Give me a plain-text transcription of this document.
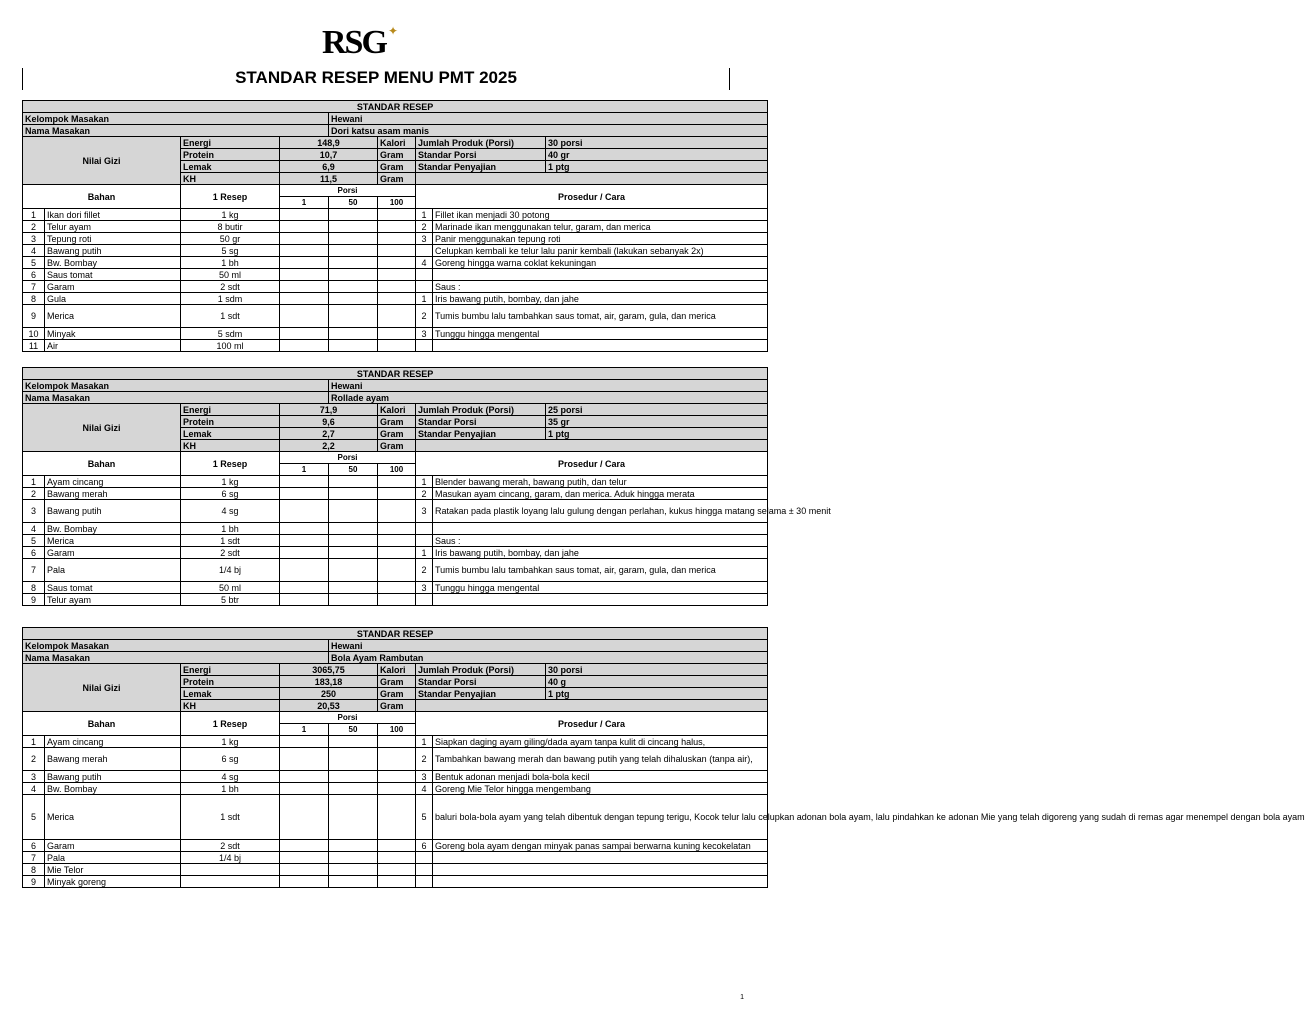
RSG ✦
STANDAR RESEP MENU PMT 2025
STANDAR RESEP								
Kelompok Masakan				Hewani				
Nama Masakan				Dori katsu asam manis				
Nilai Gizi		Energi	148,9		Kalori	Jumlah Produk (Porsi)		30 porsi
		Protein	10,7		Gram	Standar Porsi		40 gr
		Lemak	6,9		Gram	Standar Penyajian		1 ptg
		KH	11,5		Gram			
Bahan		1 Resep	Porsi			Prosedur / Cara		
			1	50	100			
1	Ikan dori fillet	1 kg				1	Fillet ikan menjadi 30 potong	
2	Telur ayam	8 butir				2	Marinade ikan menggunakan telur, garam, dan merica	
3	Tepung roti	50 gr				3	Panir menggunakan tepung roti	
4	Bawang putih	5 sg					Celupkan kembali ke telur lalu panir kembali (lakukan sebanyak 2x)	
5	Bw. Bombay	1 bh				4	Goreng hingga warna coklat kekuningan	
6	Saus tomat	50 ml						
7	Garam	2 sdt					Saus :	
8	Gula	1 sdm				1	Iris bawang putih, bombay, dan jahe	
9	Merica	1 sdt				2	Tumis bumbu lalu tambahkan saus tomat, air, garam, gula, dan merica	
10	Minyak	5 sdm				3	Tunggu hingga mengental	
11	Air	100 ml						
STANDAR RESEP								
Kelompok Masakan				Hewani				
Nama Masakan				Rollade ayam				
Nilai Gizi		Energi	71,9		Kalori	Jumlah Produk (Porsi)		25 porsi
		Protein	9,6		Gram	Standar Porsi		35 gr
		Lemak	2,7		Gram	Standar Penyajian		1 ptg
		KH	2,2		Gram			
Bahan		1 Resep	Porsi			Prosedur / Cara		
			1	50	100			
1	Ayam cincang	1 kg				1	Blender bawang merah, bawang putih, dan telur	
2	Bawang merah	6 sg				2	Masukan ayam cincang, garam, dan merica. Aduk hingga merata	
3	Bawang putih	4 sg				3	Ratakan pada plastik loyang lalu gulung dengan perlahan, kukus hingga matang selama ± 30 menit	
4	Bw. Bombay	1 bh						
5	Merica	1 sdt					Saus :	
6	Garam	2 sdt				1	Iris bawang putih, bombay, dan jahe	
7	Pala	1/4 bj				2	Tumis bumbu lalu tambahkan saus tomat, air, garam, gula, dan merica	
8	Saus tomat	50 ml				3	Tunggu hingga mengental	
9	Telur ayam	5 btr						
STANDAR RESEP								
Kelompok Masakan				Hewani				
Nama Masakan				Bola Ayam Rambutan				
Nilai Gizi		Energi	3065,75		Kalori	Jumlah Produk (Porsi)		30 porsi
		Protein	183,18		Gram	Standar Porsi		40 g
		Lemak	250		Gram	Standar Penyajian		1 ptg
		KH	20,53		Gram			
Bahan		1 Resep	Porsi			Prosedur / Cara		
			1	50	100			
1	Ayam cincang	1 kg				1	Siapkan daging ayam giling/dada ayam tanpa kulit di cincang halus,	
2	Bawang merah	6 sg				2	Tambahkan bawang merah dan bawang putih yang telah dihaluskan (tanpa air),	
3	Bawang putih	4 sg				3	Bentuk adonan menjadi bola-bola kecil	
4	Bw. Bombay	1 bh				4	Goreng Mie Telor hingga mengembang	
5	Merica	1 sdt				5	baluri bola-bola ayam yang telah dibentuk dengan tepung terigu, Kocok telur lalu celupkan adonan bola ayam, lalu pindahkan ke adonan Mie yang telah digoreng yang sudah di remas agar menempel dengan bola ayam	
6	Garam	2 sdt				6	Goreng bola ayam dengan minyak panas sampai berwarna kuning kecokelatan	
7	Pala	1/4 bj						
8	Mie Telor							
9	Minyak goreng							
1
